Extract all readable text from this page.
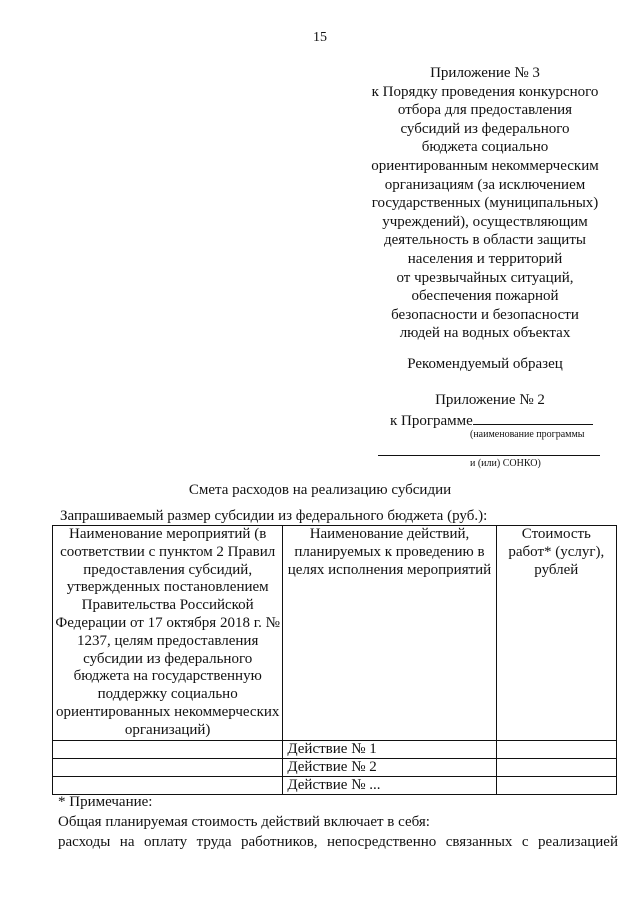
15
Приложение № 3
к Порядку проведения конкурсного
отбора для предоставления
субсидий из федерального
бюджета социально
ориентированным некоммерческим
организациям (за исключением
государственных (муниципальных)
учреждений), осуществляющим
деятельность в области защиты
населения и территорий
от чрезвычайных ситуаций,
обеспечения пожарной
безопасности и безопасности
людей на водных объектах
Рекомендуемый образец
Приложение № 2
к Программе
(наименование программы
и (или) СОНКО)
Смета расходов на реализацию субсидии
Запрашиваемый размер субсидии из федерального бюджета (руб.):
Наименование мероприятий (в соответствии с пунктом 2 Правил предоставления субсидий, утвержденных постановлением Правительства Российской Федерации от 17 октября 2018 г. № 1237, целям предоставления субсидии из федерального бюджета на государственную поддержку социально ориентированных некоммерческих организаций)	Наименование действий, планируемых к проведению в целях исполнения мероприятий	Стоимость работ* (услуг), рублей
	Действие № 1	
	Действие № 2	
	Действие № ...	
* Примечание:
Общая планируемая стоимость действий включает в себя:
расходы на оплату труда работников, непосредственно связанных с реализацией
